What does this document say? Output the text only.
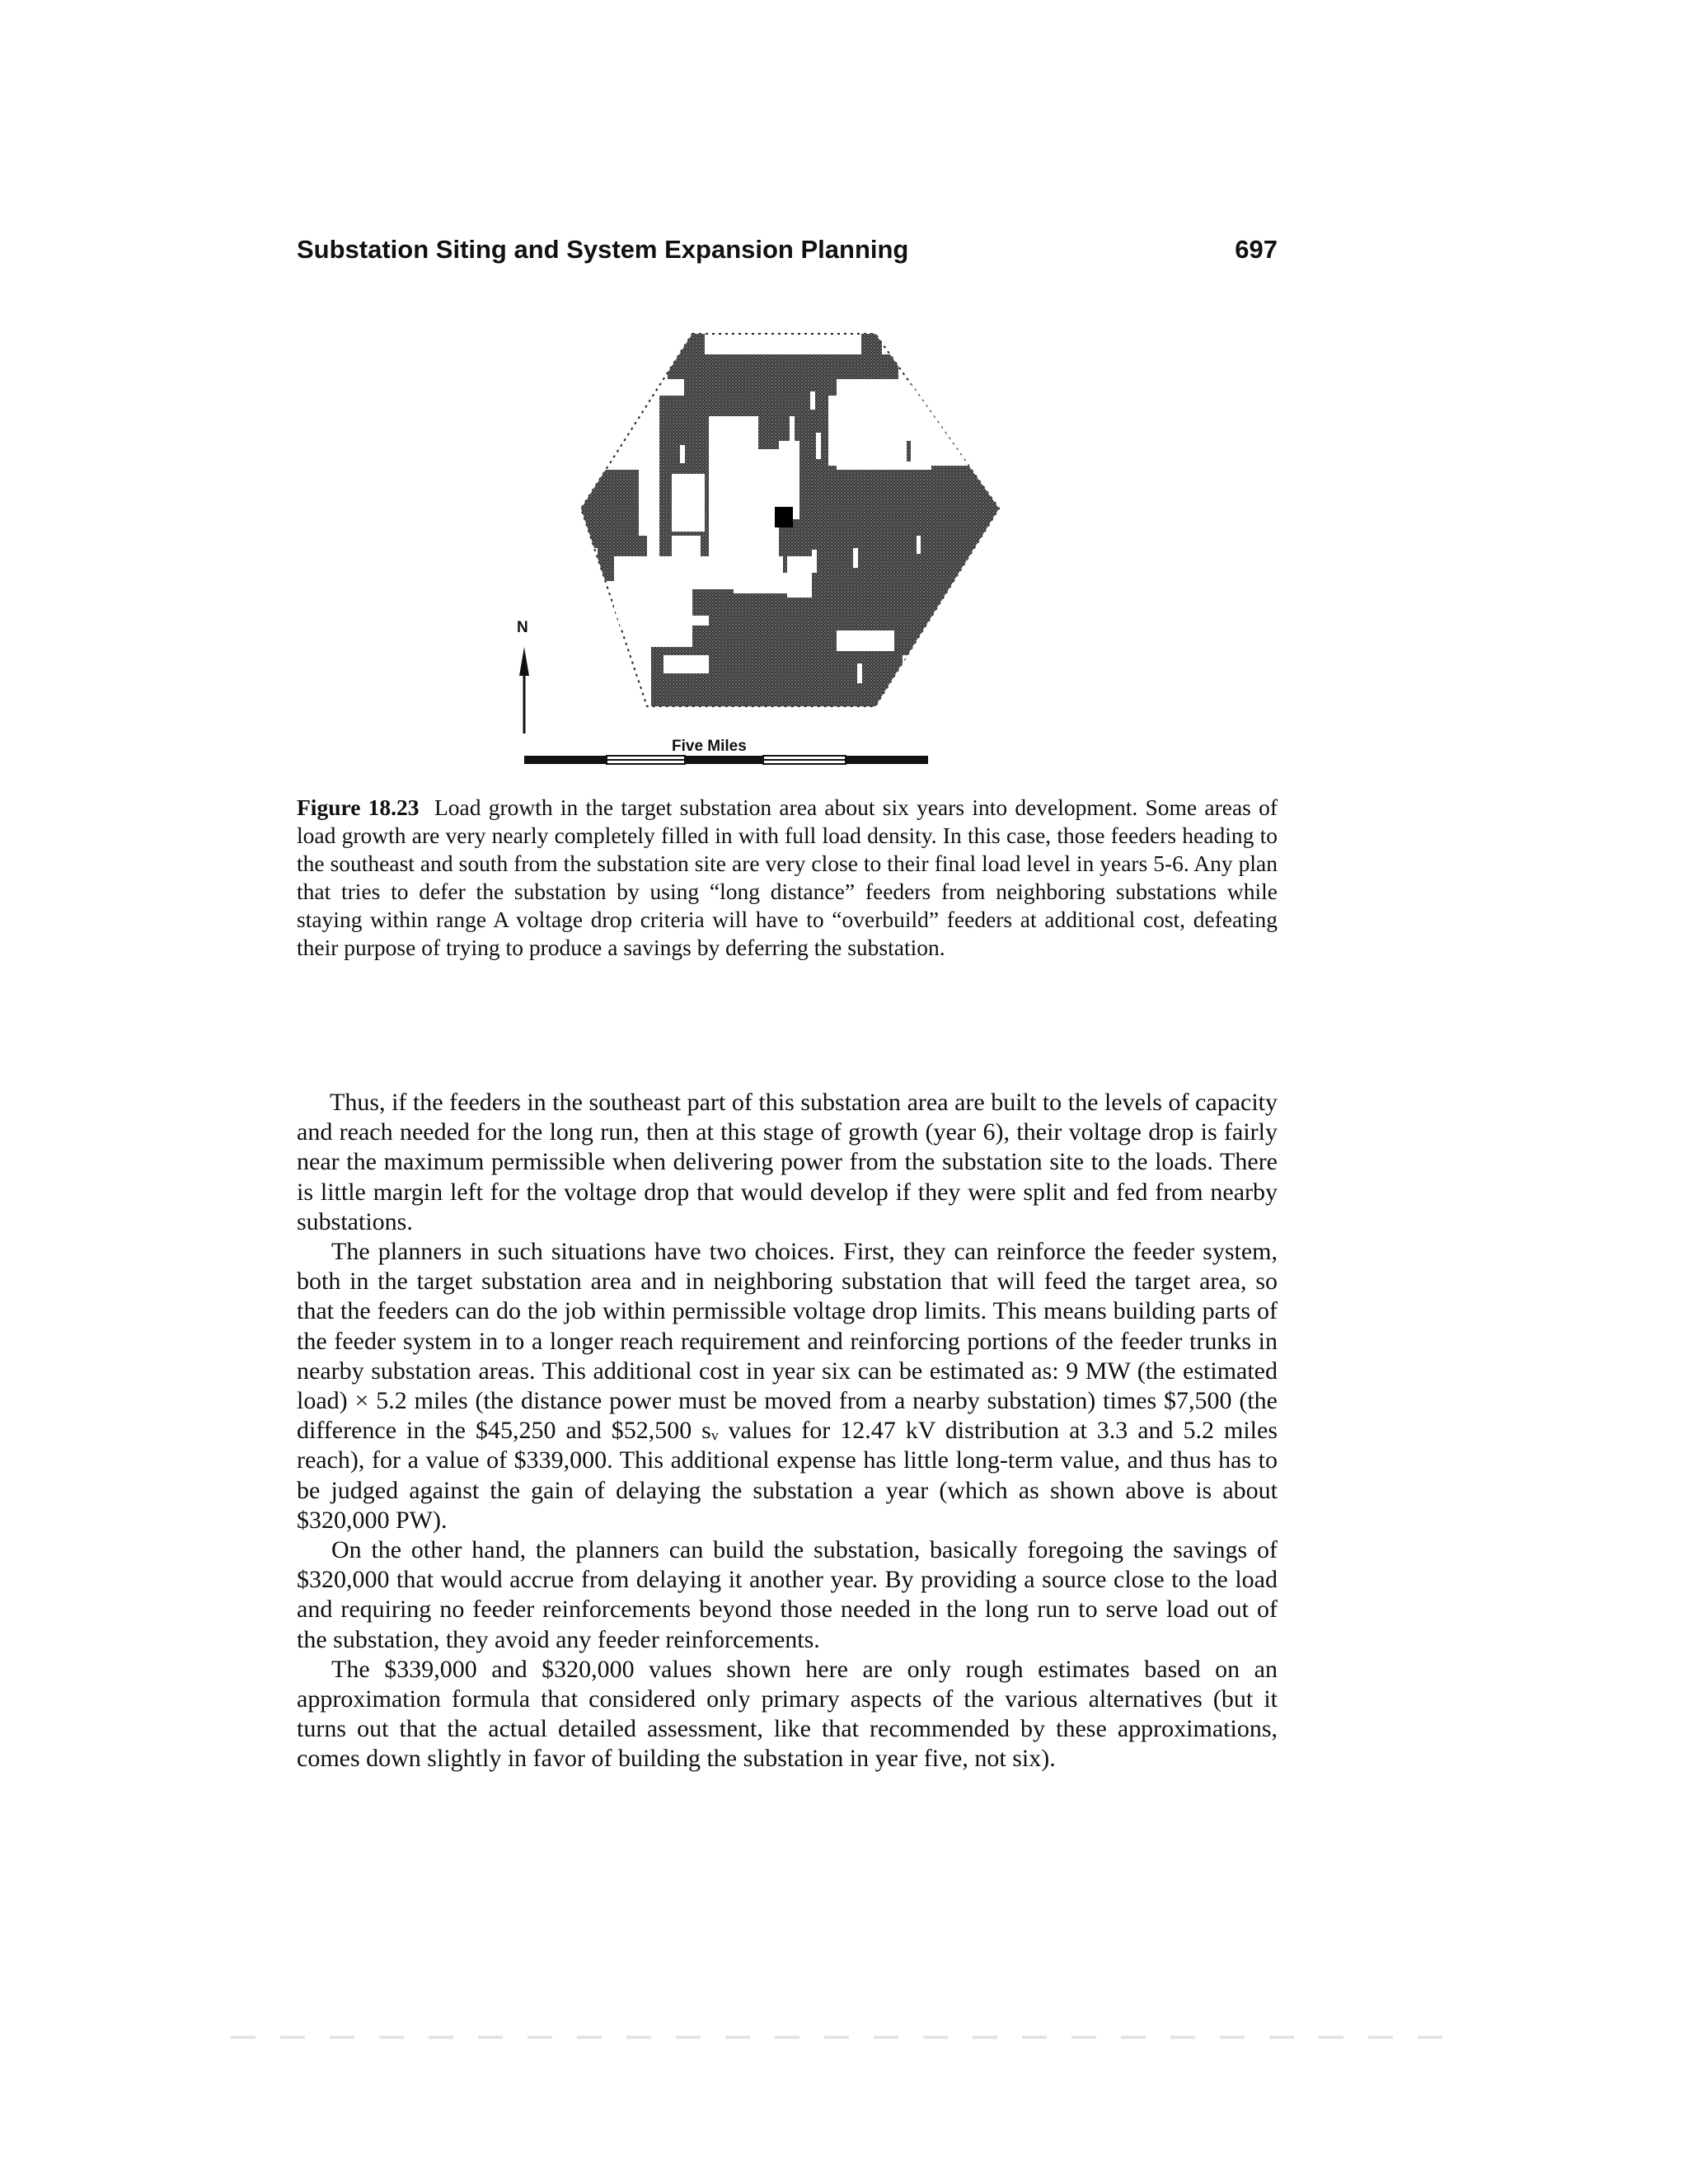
Substation Siting and System Expansion Planning	697
N
Five Miles

Figure 18.23 Load growth in the target substation area about six years into development. Some areas of load growth are very nearly completely filled in with full load density. In this case, those feeders heading to the southeast and south from the substation site are very close to their final load level in years 5-6. Any plan that tries to defer the substation by using “long distance” feeders from neighboring substations while staying within range A voltage drop criteria will have to “overbuild” feeders at additional cost, defeating their purpose of trying to produce a savings by deferring the substation.

Thus, if the feeders in the southeast part of this substation area are built to the levels of capacity and reach needed for the long run, then at this stage of growth (year 6), their voltage drop is fairly near the maximum permissible when delivering power from the substation site to the loads. There is little margin left for the voltage drop that would develop if they were split and fed from nearby substations.

The planners in such situations have two choices. First, they can reinforce the feeder system, both in the target substation area and in neighboring substation that will feed the target area, so that the feeders can do the job within permissible voltage drop limits. This means building parts of the feeder system in to a longer reach requirement and reinforcing portions of the feeder trunks in nearby substation areas. This additional cost in year six can be estimated as: 9 MW (the estimated load) × 5.2 miles (the distance power must be moved from a nearby substation) times $7,500 (the difference in the $45,250 and $52,500 sᵥ values for 12.47 kV distribution at 3.3 and 5.2 miles reach), for a value of $339,000. This additional expense has little long-term value, and thus has to be judged against the gain of delaying the substation a year (which as shown above is about $320,000 PW).

On the other hand, the planners can build the substation, basically foregoing the savings of $320,000 that would accrue from delaying it another year. By providing a source close to the load and requiring no feeder reinforcements beyond those needed in the long run to serve load out of the substation, they avoid any feeder reinforcements.

The $339,000 and $320,000 values shown here are only rough estimates based on an approximation formula that considered only primary aspects of the various alternatives (but it turns out that the actual detailed assessment, like that recommended by these approximations, comes down slightly in favor of building the substation in year five, not six).
